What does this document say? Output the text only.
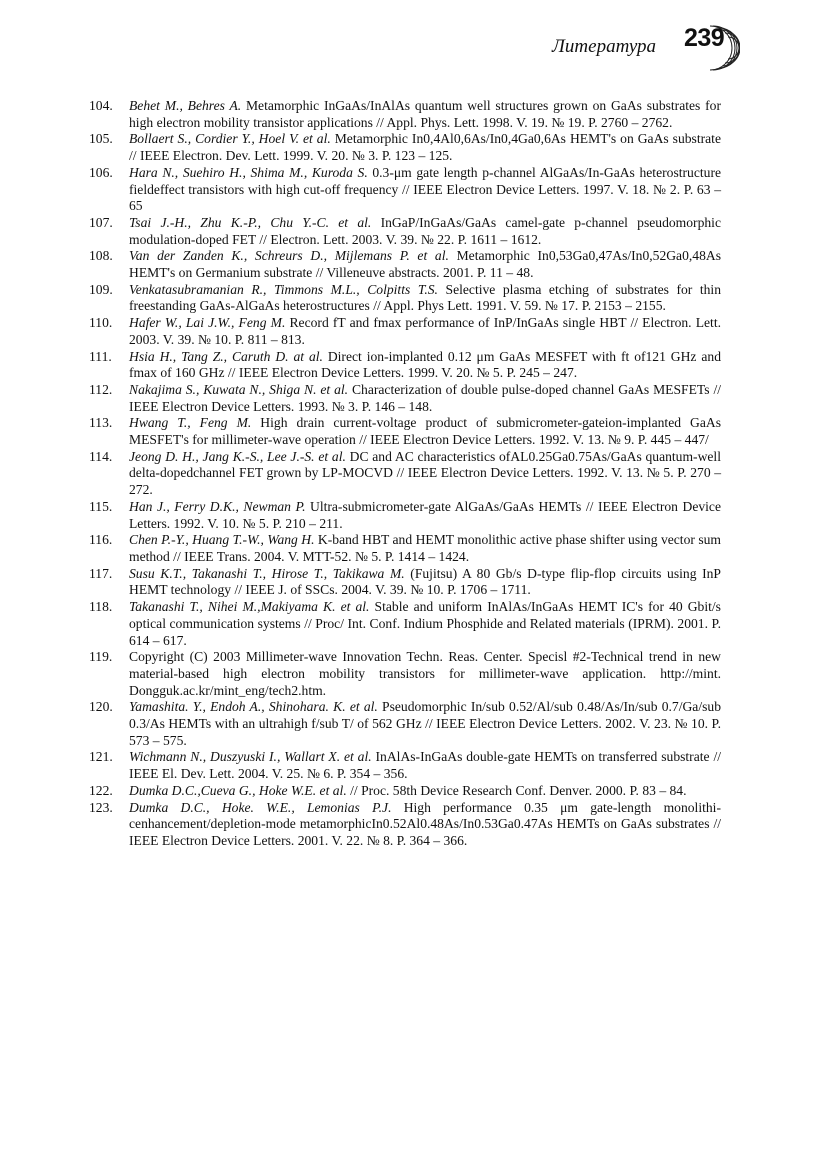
Литература 239
104.	Behet M., Behres A. Metamorphic InGaAs/InAlAs quantum well structures grown on GaAs substrates for high electron mobility transistor applications // Appl. Phys. Lett. 1998. V. 19. № 19. P. 2760 – 2762.
105.	Bollaert S., Cordier Y., Hoel V. et al. Metamorphic In0,4Al0,6As/In0,4Ga0,6As HEMT's on GaAs substrate // IEEE Electron. Dev. Lett. 1999. V. 20. № 3. P. 123 – 125.
106.	Hara N., Suehiro H., Shima M., Kuroda S. 0.3-μm gate length p-channel AlGaAs/In-GaAs heterostructure fieldeffect transistors with high cut-off frequency // IEEE Electron Device Letters. 1997. V. 18. № 2. P. 63 – 65
107.	Tsai J.-H., Zhu K.-P., Chu Y.-C. et al. InGaP/InGaAs/GaAs camel-gate p-channel pseudomorphic modulation-doped FET // Electron. Lett. 2003. V. 39. № 22. P. 1611 – 1612.
108.	Van der Zanden K., Schreurs D., Mijlemans P. et al. Metamorphic In0,53Ga0,47As/In0,52Ga0,48As HEMT's on Germanium substrate // Villeneuve abstracts. 2001. P. 11 – 48.
109.	Venkatasubramanian R., Timmons M.L., Colpitts T.S. Selective plasma etching of substrates for thin freestanding GaAs-AlGaAs heterostructures // Appl. Phys Lett. 1991. V. 59. № 17. P. 2153 – 2155.
110.	Hafer W., Lai J.W., Feng M. Record fT and fmax performance of InP/InGaAs single HBT // Electron. Lett. 2003. V. 39. № 10. P. 811 – 813.
111.	Hsia H., Tang Z., Caruth D. at al. Direct ion-implanted 0.12 μm GaAs MESFET with ft of121 GHz and fmax of 160 GHz // IEEE Electron Device Letters. 1999. V. 20. № 5. P. 245 – 247.
112.	Nakajima S., Kuwata N., Shiga N. et al. Characterization of double pulse-doped channel GaAs MESFETs // IEEE Electron Device Letters. 1993. № 3. P. 146 – 148.
113.	Hwang T., Feng M. High drain current-voltage product of submicrometer-gateion-implanted GaAs MESFET's for millimeter-wave operation // IEEE Electron Device Letters. 1992. V. 13. № 9. P. 445 – 447/
114.	Jeong D. H., Jang K.-S., Lee J.-S. et al. DC and AC characteristics ofAL0.25Ga0.75As/GaAs quantum-well delta-dopedchannel FET grown by LP-MOCVD // IEEE Electron Device Letters. 1992. V. 13. № 5. P. 270 – 272.
115.	Han J., Ferry D.K., Newman P. Ultra-submicrometer-gate AlGaAs/GaAs HEMTs // IEEE Electron Device Letters. 1992. V. 10. № 5. P. 210 – 211.
116.	Chen P.-Y., Huang T.-W., Wang H. K-band HBT and HEMT monolithic active phase shifter using vector sum method // IEEE Trans. 2004. V. MTT-52. № 5. P. 1414 – 1424.
117.	Susu K.T., Takanashi T., Hirose T., Takikawa M. (Fujitsu) A 80 Gb/s D-type flip-flop circuits using InP HEMT technology // IEEE J. of SSCs. 2004. V. 39. № 10. P. 1706 – 1711.
118.	Takanashi T., Nihei M.,Makiyama K. et al. Stable and uniform InAlAs/InGaAs HEMT IC's for 40 Gbit/s optical communication systems // Proc/ Int. Conf. Indium Phosphide and Related materials (IPRM). 2001. P. 614 – 617.
119.	Copyright (C) 2003 Millimeter-wave Innovation Techn. Reas. Center. Specisl #2-Technical trend in new material-based high electron mobility transistors for millimeter-wave application. http://mint. Dongguk.ac.kr/mint_eng/tech2.htm.
120.	Yamashita. Y., Endoh A., Shinohara. K. et al. Pseudomorphic In/sub 0.52/Al/sub 0.48/As/In/sub 0.7/Ga/sub 0.3/As HEMTs with an ultrahigh f/sub T/ of 562 GHz // IEEE Electron Device Letters. 2002. V. 23. № 10. P. 573 – 575.
121.	Wichmann N., Duszyuski I., Wallart X. et al. InAlAs-InGaAs double-gate HEMTs on transferred substrate // IEEE El. Dev. Lett. 2004. V. 25. № 6. P. 354 – 356.
122.	Dumka D.C.,Cueva G., Hoke W.E. et al. // Proc. 58th Device Research Conf. Denver. 2000. P. 83 – 84.
123.	Dumka D.C., Hoke. W.E., Lemonias P.J. High performance 0.35 μm gate-length monolithi-cenhancement/depletion-mode metamorphicIn0.52Al0.48As/In0.53Ga0.47As HEMTs on GaAs substrates // IEEE Electron Device Letters. 2001. V. 22. № 8. P. 364 – 366.
